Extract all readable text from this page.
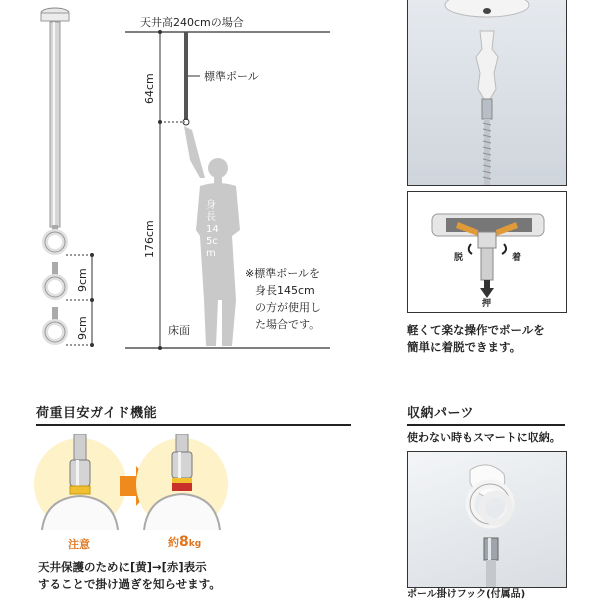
天井高240cmの場合
標準ポール
64cm
176cm
9cm
9cm
身長145cm
※標準ポールを
身長145cm
の方が使用し
た場合です。
床面
脱	着
押
軽くて楽な操作でポールを
簡単に着脱できます。
荷重目安ガイド機能
注意	約8kg
天井保護のために[黄]→[赤]表示
することで掛け過ぎを知らせます。
収納パーツ
使わない時もスマートに収納。
ポール掛けフック(付属品)
